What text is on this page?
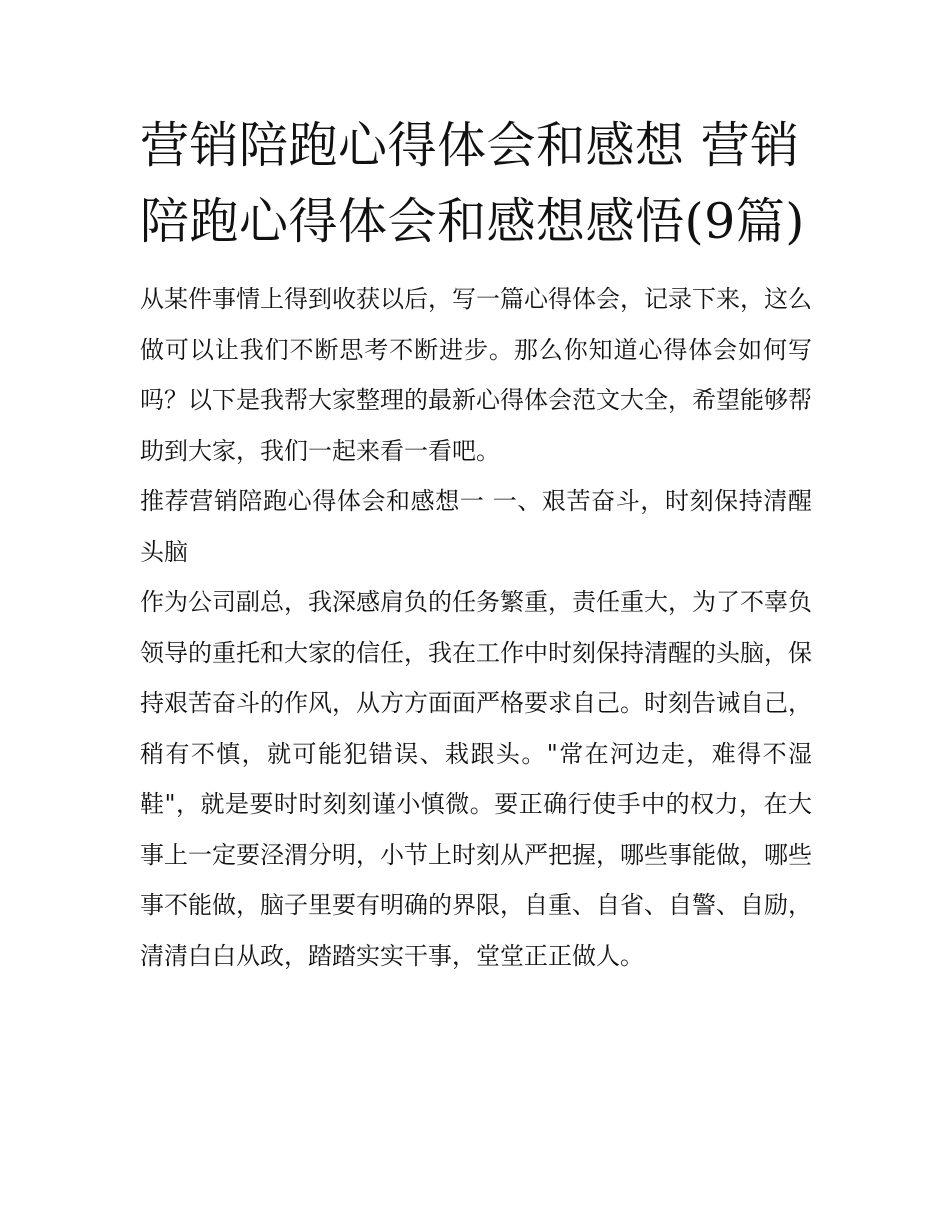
营销陪跑心得体会和感想 营销陪跑心得体会和感想感悟(9篇)

从某件事情上得到收获以后，写一篇心得体会，记录下来，这么做可以让我们不断思考不断进步。那么你知道心得体会如何写吗？以下是我帮大家整理的最新心得体会范文大全，希望能够帮助到大家，我们一起来看一看吧。

推荐营销陪跑心得体会和感想一 一、艰苦奋斗，时刻保持清醒头脑

作为公司副总，我深感肩负的任务繁重，责任重大，为了不辜负领导的重托和大家的信任，我在工作中时刻保持清醒的头脑，保持艰苦奋斗的作风，从方方面面严格要求自己。时刻告诫自己，稍有不慎，就可能犯错误、栽跟头。"常在河边走，难得不湿鞋"，就是要时时刻刻谨小慎微。要正确行使手中的权力，在大事上一定要泾渭分明，小节上时刻从严把握，哪些事能做，哪些事不能做，脑子里要有明确的界限，自重、自省、自警、自励，清清白白从政，踏踏实实干事，堂堂正正做人。
